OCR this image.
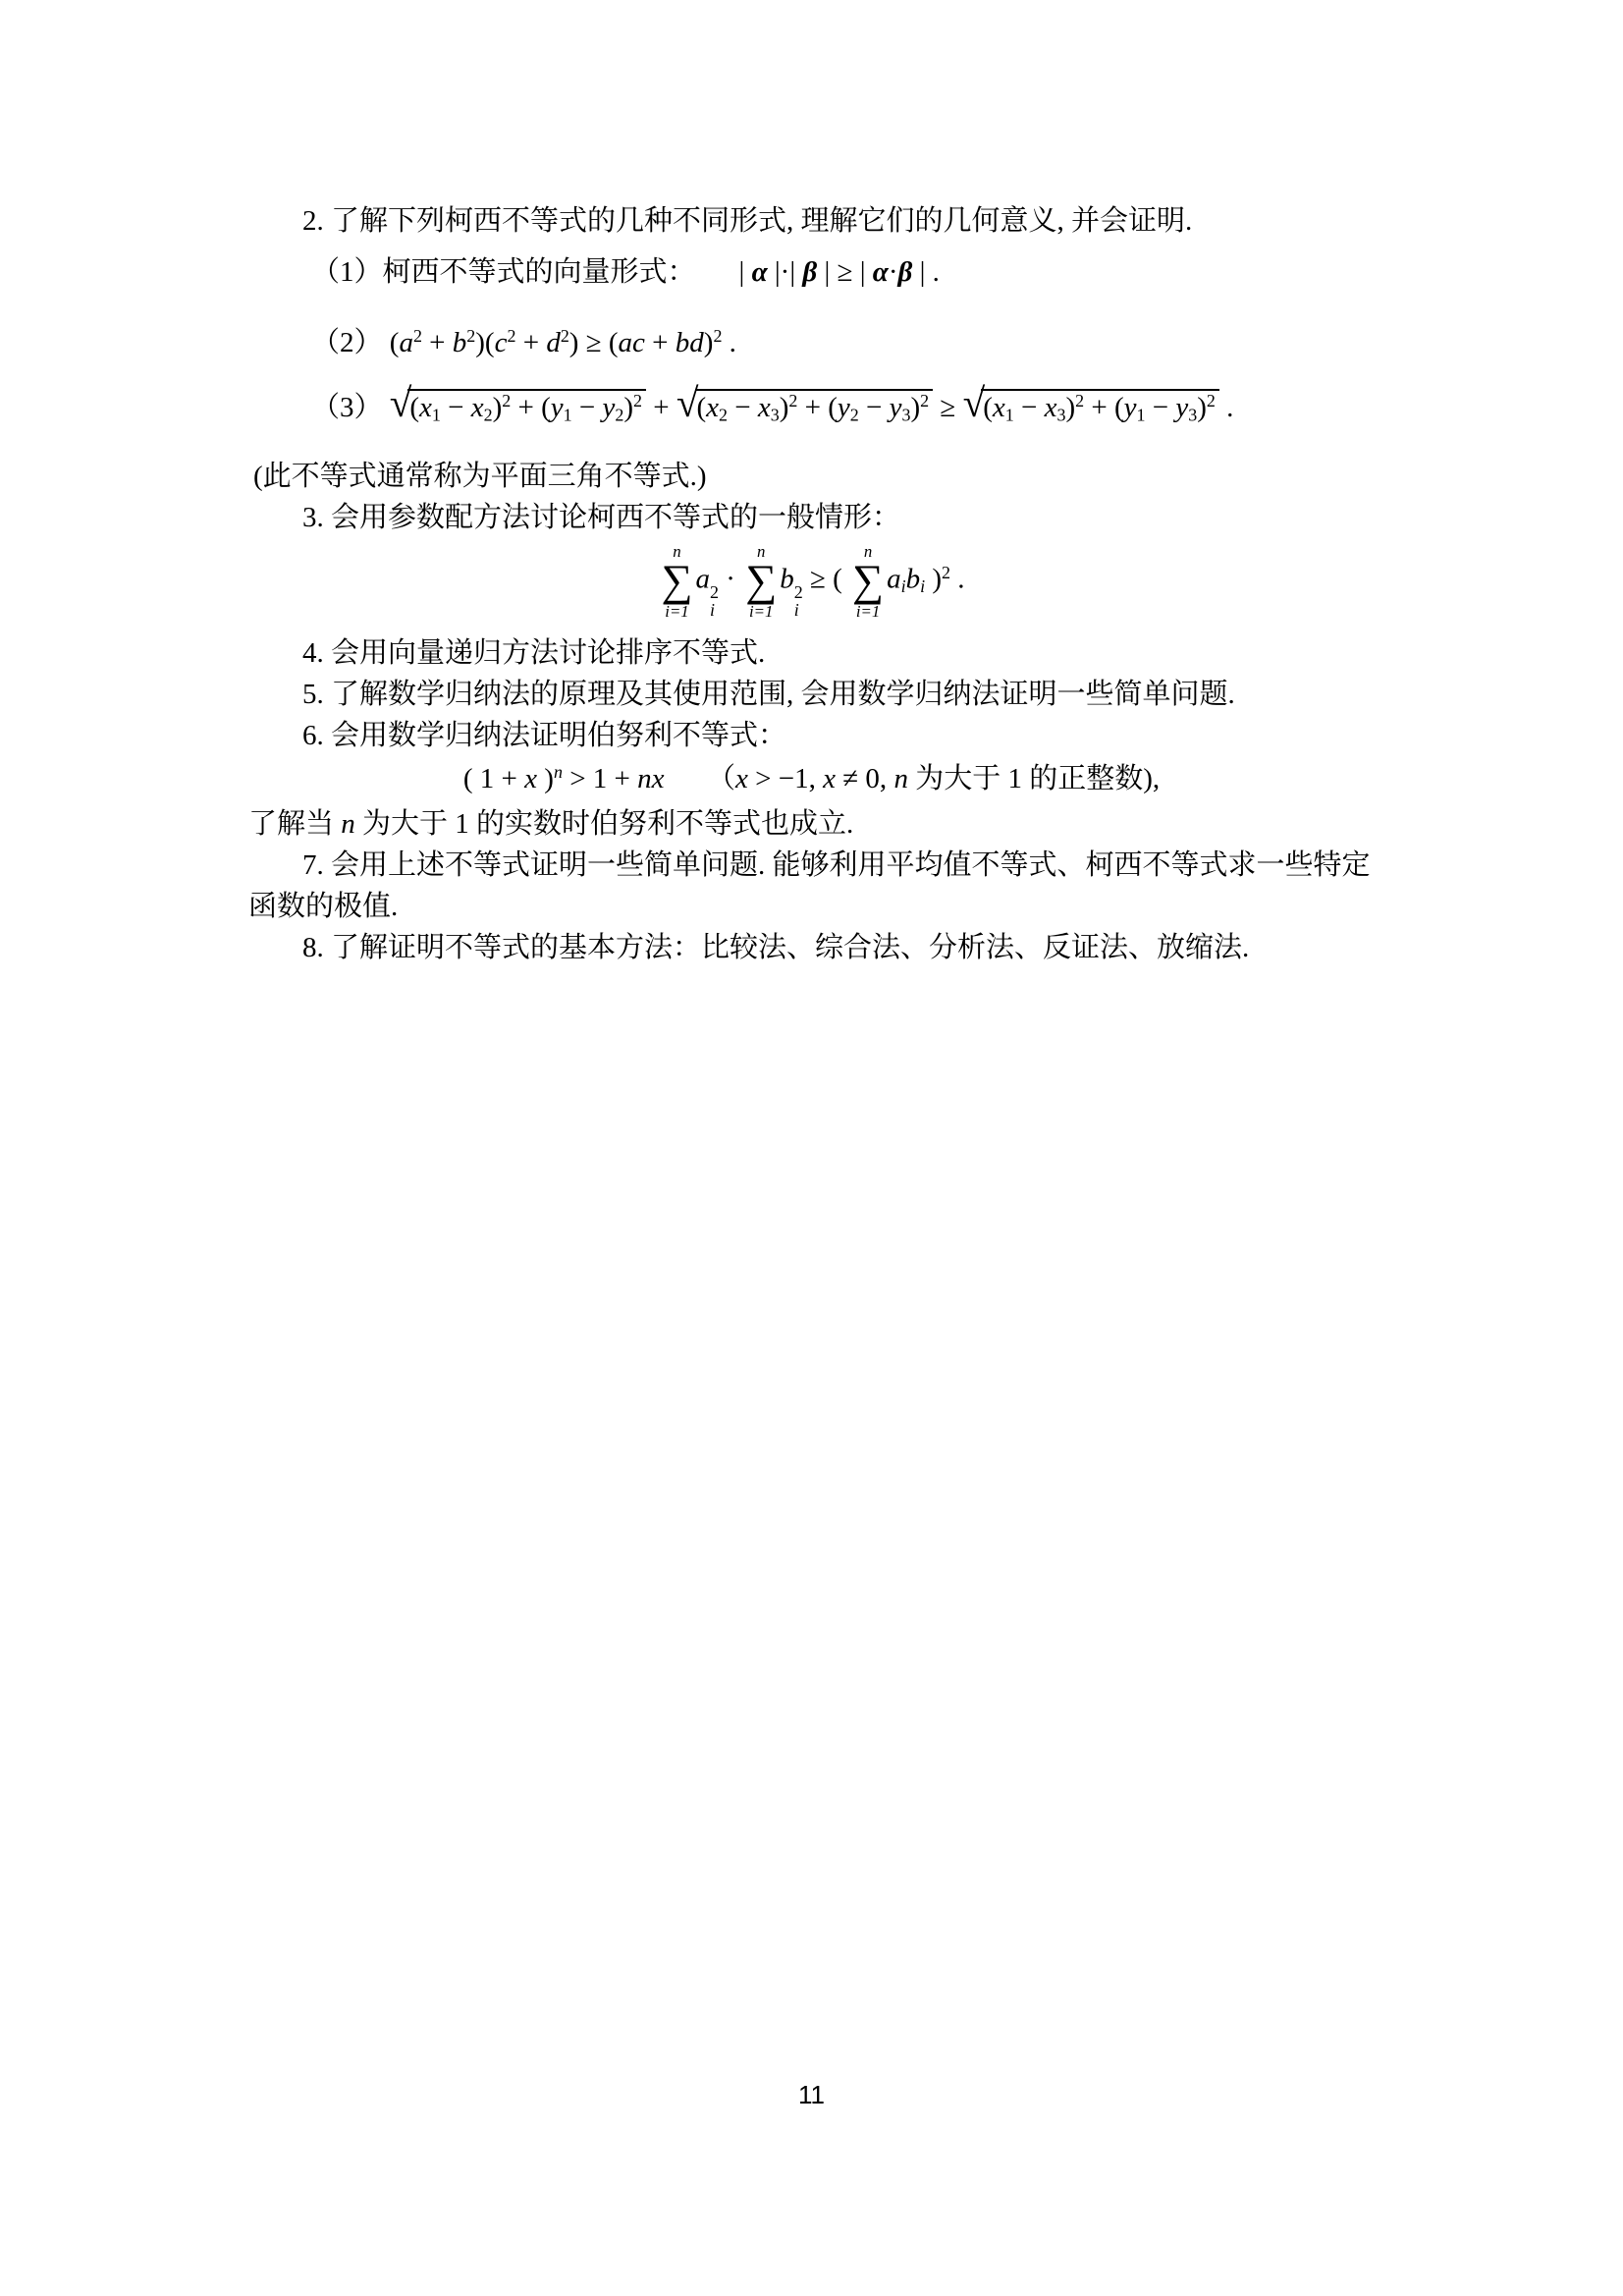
2. 了解下列柯西不等式的几种不同形式, 理解它们的几何意义, 并会证明.
（1）柯西不等式的向量形式： | α |·| β | ≥ | α·β | .
（2） $(a^2 + b^2)(c^2 + d^2) \ge (ac + bd)^2$ .
（3） √
$(x_1 - x_2)^2 + (y_1 - y_2)^2$ + √
$(x_2 - x_3)^2 + (y_2 - y_3)^2$ ≥ √
$(x_1 - x_3)^2 + (y_1 - y_3)^2$ .
(此不等式通常称为平面三角不等式.)
3. 会用参数配方法讨论柯西不等式的一般情形：
n
∑
i=1
a 2
i
·
n
∑
i=1
b 2
i
≥ (
n
∑
i=1
$a_ib_i$ )$^2$ .
4. 会用向量递归方法讨论排序不等式.
5. 了解数学归纳法的原理及其使用范围, 会用数学归纳法证明一些简单问题.
6. 会用数学归纳法证明伯努利不等式：
( 1 + x )$^n$ > 1 + nx　　（x > −1, x ≠ 0, n 为大于 1 的正整数),
了解当 n 为大于 1 的实数时伯努利不等式也成立.
7. 会用上述不等式证明一些简单问题. 能够利用平均值不等式、柯西不等式求一些特定
函数的极值.
8. 了解证明不等式的基本方法：比较法、综合法、分析法、反证法、放缩法.
11
